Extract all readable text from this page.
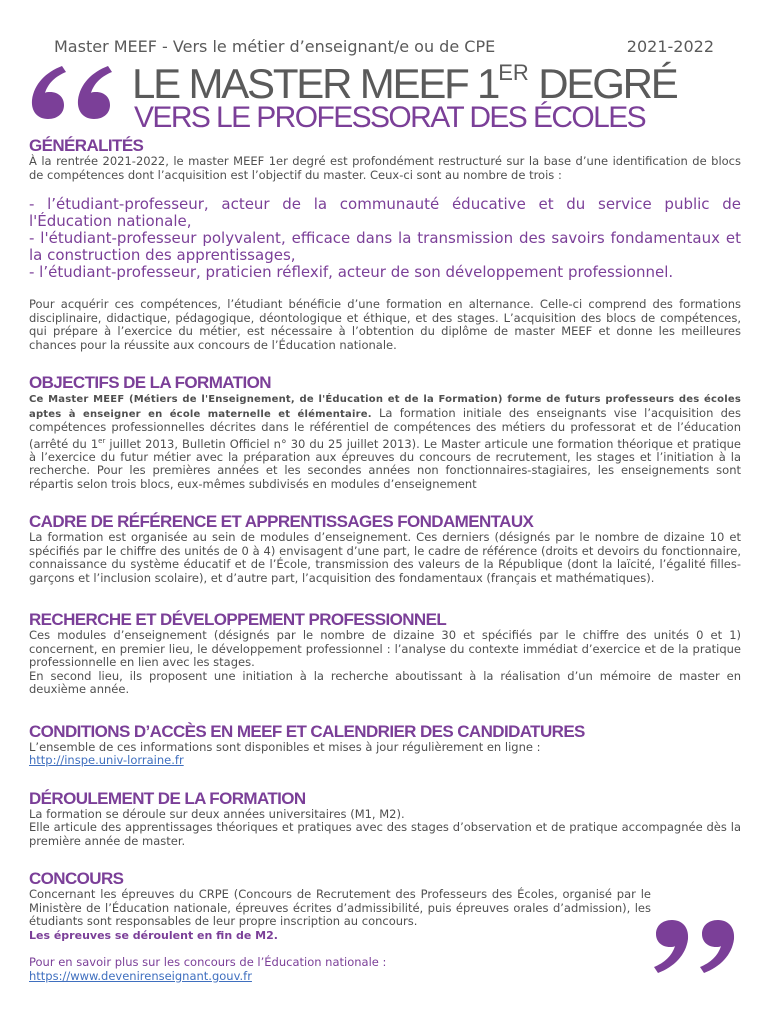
Master MEEF - Vers le métier d’enseignant/e ou de CPE	2021-2022
LE MASTER MEEF 1ER DEGRÉ
VERS LE PROFESSORAT DES ÉCOLES
GÉNÉRALITÉS

À la rentrée 2021-2022, le master MEEF 1er degré est profondément restructuré sur la base d’une identification de blocs de compétences dont l’acquisition est l’objectif du master. Ceux-ci sont au nombre de trois :

- l’étudiant-professeur, acteur de la communauté éducative et du service public de l'Éducation nationale,

- l'étudiant-professeur polyvalent, efficace dans la transmission des savoirs fondamentaux et la construction des apprentissages,

- l’étudiant-professeur, praticien réflexif, acteur de son développement professionnel.

Pour acquérir ces compétences, l’étudiant bénéficie d’une formation en alternance. Celle-ci comprend des formations disciplinaire, didactique, pédagogique, déontologique et éthique, et des stages. L’acquisition des blocs de compétences, qui prépare à l’exercice du métier, est nécessaire à l’obtention du diplôme de master MEEF et donne les meilleures chances pour la réussite aux concours de l’Éducation nationale.

OBJECTIFS DE LA FORMATION

Ce Master MEEF (Métiers de l'Enseignement, de l'Éducation et de la Formation) forme de futurs professeurs des écoles aptes à enseigner en école maternelle et élémentaire. La formation initiale des enseignants vise l’acquisition des compétences professionnelles décrites dans le référentiel de compétences des métiers du professorat et de l’éducation (arrêté du 1er juillet 2013, Bulletin Officiel n° 30 du 25 juillet 2013). Le Master articule une formation théorique et pratique à l’exercice du futur métier avec la préparation aux épreuves du concours de recrutement, les stages et l’initiation à la recherche. Pour les premières années et les secondes années non fonctionnaires-stagiaires, les enseignements sont répartis selon trois blocs, eux-mêmes subdivisés en modules d’enseignement

CADRE DE RÉFÉRENCE ET APPRENTISSAGES FONDAMENTAUX

La formation est organisée au sein de modules d’enseignement. Ces derniers (désignés par le nombre de dizaine 10 et spécifiés par le chiffre des unités de 0 à 4) envisagent d’une part, le cadre de référence (droits et devoirs du fonctionnaire, connaissance du système éducatif et de l’École, transmission des valeurs de la République (dont la laïcité, l’égalité filles-garçons et l’inclusion scolaire), et d’autre part, l’acquisition des fondamentaux (français et mathématiques).

RECHERCHE ET DÉVELOPPEMENT PROFESSIONNEL

Ces modules d’enseignement (désignés par le nombre de dizaine 30 et spécifiés par le chiffre des unités 0 et 1) concernent, en premier lieu, le développement professionnel : l’analyse du contexte immédiat d’exercice et de la pratique professionnelle en lien avec les stages.

En second lieu, ils proposent une initiation à la recherche aboutissant à la réalisation d’un mémoire de master en deuxième année.

CONDITIONS D’ACCÈS EN MEEF ET CALENDRIER DES CANDIDATURES

L’ensemble de ces informations sont disponibles et mises à jour régulièrement en ligne :

http://inspe.univ-lorraine.fr
DÉROULEMENT DE LA FORMATION

La formation se déroule sur deux années universitaires (M1, M2).

Elle articule des apprentissages théoriques et pratiques avec des stages d’observation et de pratique accompagnée dès la première année de master.

CONCOURS

Concernant les épreuves du CRPE (Concours de Recrutement des Professeurs des Écoles, organisé par le Ministère de l’Éducation nationale, épreuves écrites d’admissibilité, puis épreuves orales d’admission), les étudiants sont responsables de leur propre inscription au concours.

Les épreuves se déroulent en fin de M2.

Pour en savoir plus sur les concours de l’Éducation nationale :

https://www.devenirenseignant.gouv.fr
